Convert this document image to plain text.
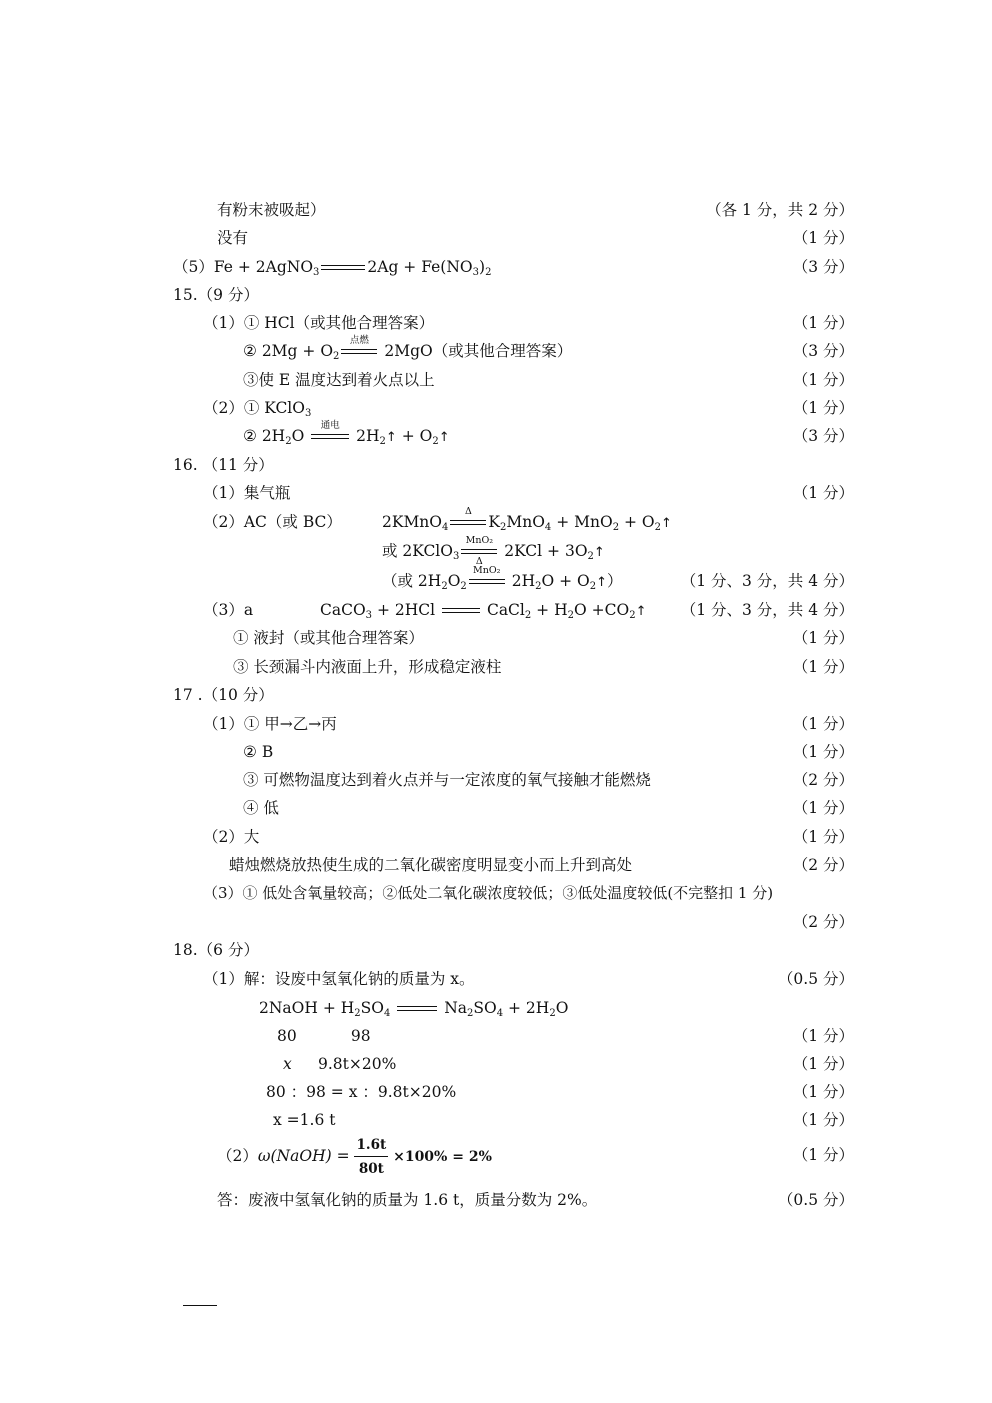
有粉末被吸起）	（各 1 分，共 2 分）
没有	（1 分）
（5）Fe + 2AgNO$_3$	$2Ag + Fe(NO_3)_2$	（3 分）
15.（9 分）
（1）① HCl（或其他合理答案）	（1 分）
② $2Mg + O_2$
点燃
2MgO（或其他合理答案）	（3 分）
③使 E 温度达到着火点以上	（1 分）
（2）① KClO$_3$	（1 分）
② $2H_2O$
通电
$2H_2↑$ + $O_2↑$	（3 分）
16. （11 分）
（1）集气瓶	（1 分）
（2）AC（或 BC）	2KMnO$_4$
Δ
$K_2MnO_4 + MnO_2$ + $O_2↑$
或 2KClO$_3$
MnO₂
Δ
$2KCl + 3O_2↑$
（或 $2H_2O_2$
MnO₂
$2H_2O$ + $O_2↑$）	（1 分、3 分，共 4 分）
（3）a	CaCO$_3$ + 2HCl	CaCl$_2$ + $H_2O$ $+CO_2↑$ （1 分、3 分，共 4 分）
① 液封（或其他合理答案）	（1 分）
③ 长颈漏斗内液面上升，形成稳定液柱	（1 分）
17 .（10 分）
（1）① 甲→乙→丙	（1 分）
② B	（1 分）
③ 可燃物温度达到着火点并与一定浓度的氧气接触才能燃烧	（2 分）
④ 低	（1 分）
（2）大	（1 分）
蜡烛燃烧放热使生成的二氧化碳密度明显变小而上升到高处	（2 分）
（3）① 低处含氧量较高；②低处二氧化碳浓度较低；③低处温度较低(不完整扣 1 分)
（2 分）
18.（6 分）
（1）解：设废中氢氧化钠的质量为 x。	（0.5 分）
2NaOH + $H_2SO_4$	$Na_2SO_4 + 2H_2O$
80           98	（1 分）
x 9.8t×20%	（1 分）
80 ：98 = x ：9.8t×20%	（1 分）
x =1.6 t	（1 分）
（2）ω(NaOH) = $\frac{1.6t}{80t} \times 100\% = 2\%$	（1 分）
答：废液中氢氧化钠的质量为 1.6 t，质量分数为 2%。	（0.5 分）
